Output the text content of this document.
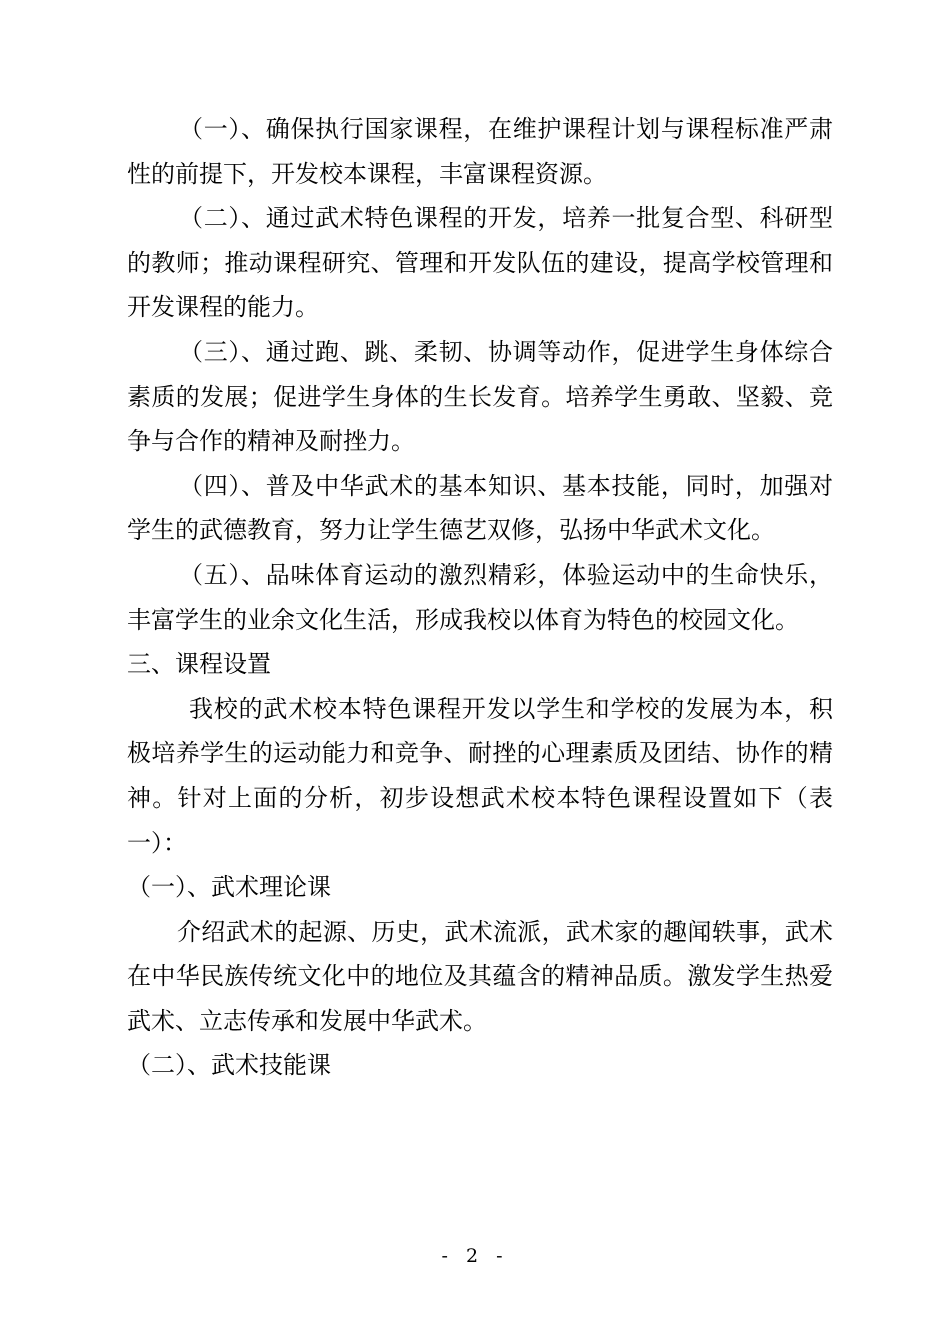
（一）、确保执行国家课程，在维护课程计划与课程标准严肃性的前提下，开发校本课程，丰富课程资源。

（二）、通过武术特色课程的开发，培养一批复合型、科研型的教师；推动课程研究、管理和开发队伍的建设，提高学校管理和开发课程的能力。

（三）、通过跑、跳、柔韧、协调等动作，促进学生身体综合素质的发展；促进学生身体的生长发育。培养学生勇敢、坚毅、竞争与合作的精神及耐挫力。

（四）、普及中华武术的基本知识、基本技能，同时，加强对学生的武德教育，努力让学生德艺双修，弘扬中华武术文化。

（五）、品味体育运动的激烈精彩，体验运动中的生命快乐，丰富学生的业余文化生活，形成我校以体育为特色的校园文化。

三、课程设置

我校的武术校本特色课程开发以学生和学校的发展为本，积极培养学生的运动能力和竞争、耐挫的心理素质及团结、协作的精神。针对上面的分析，初步设想武术校本特色课程设置如下（表一）：

（一）、武术理论课

介绍武术的起源、历史，武术流派，武术家的趣闻轶事，武术在中华民族传统文化中的地位及其蕴含的精神品质。激发学生热爱武术、立志传承和发展中华武术。

（二）、武术技能课

- 2 -
